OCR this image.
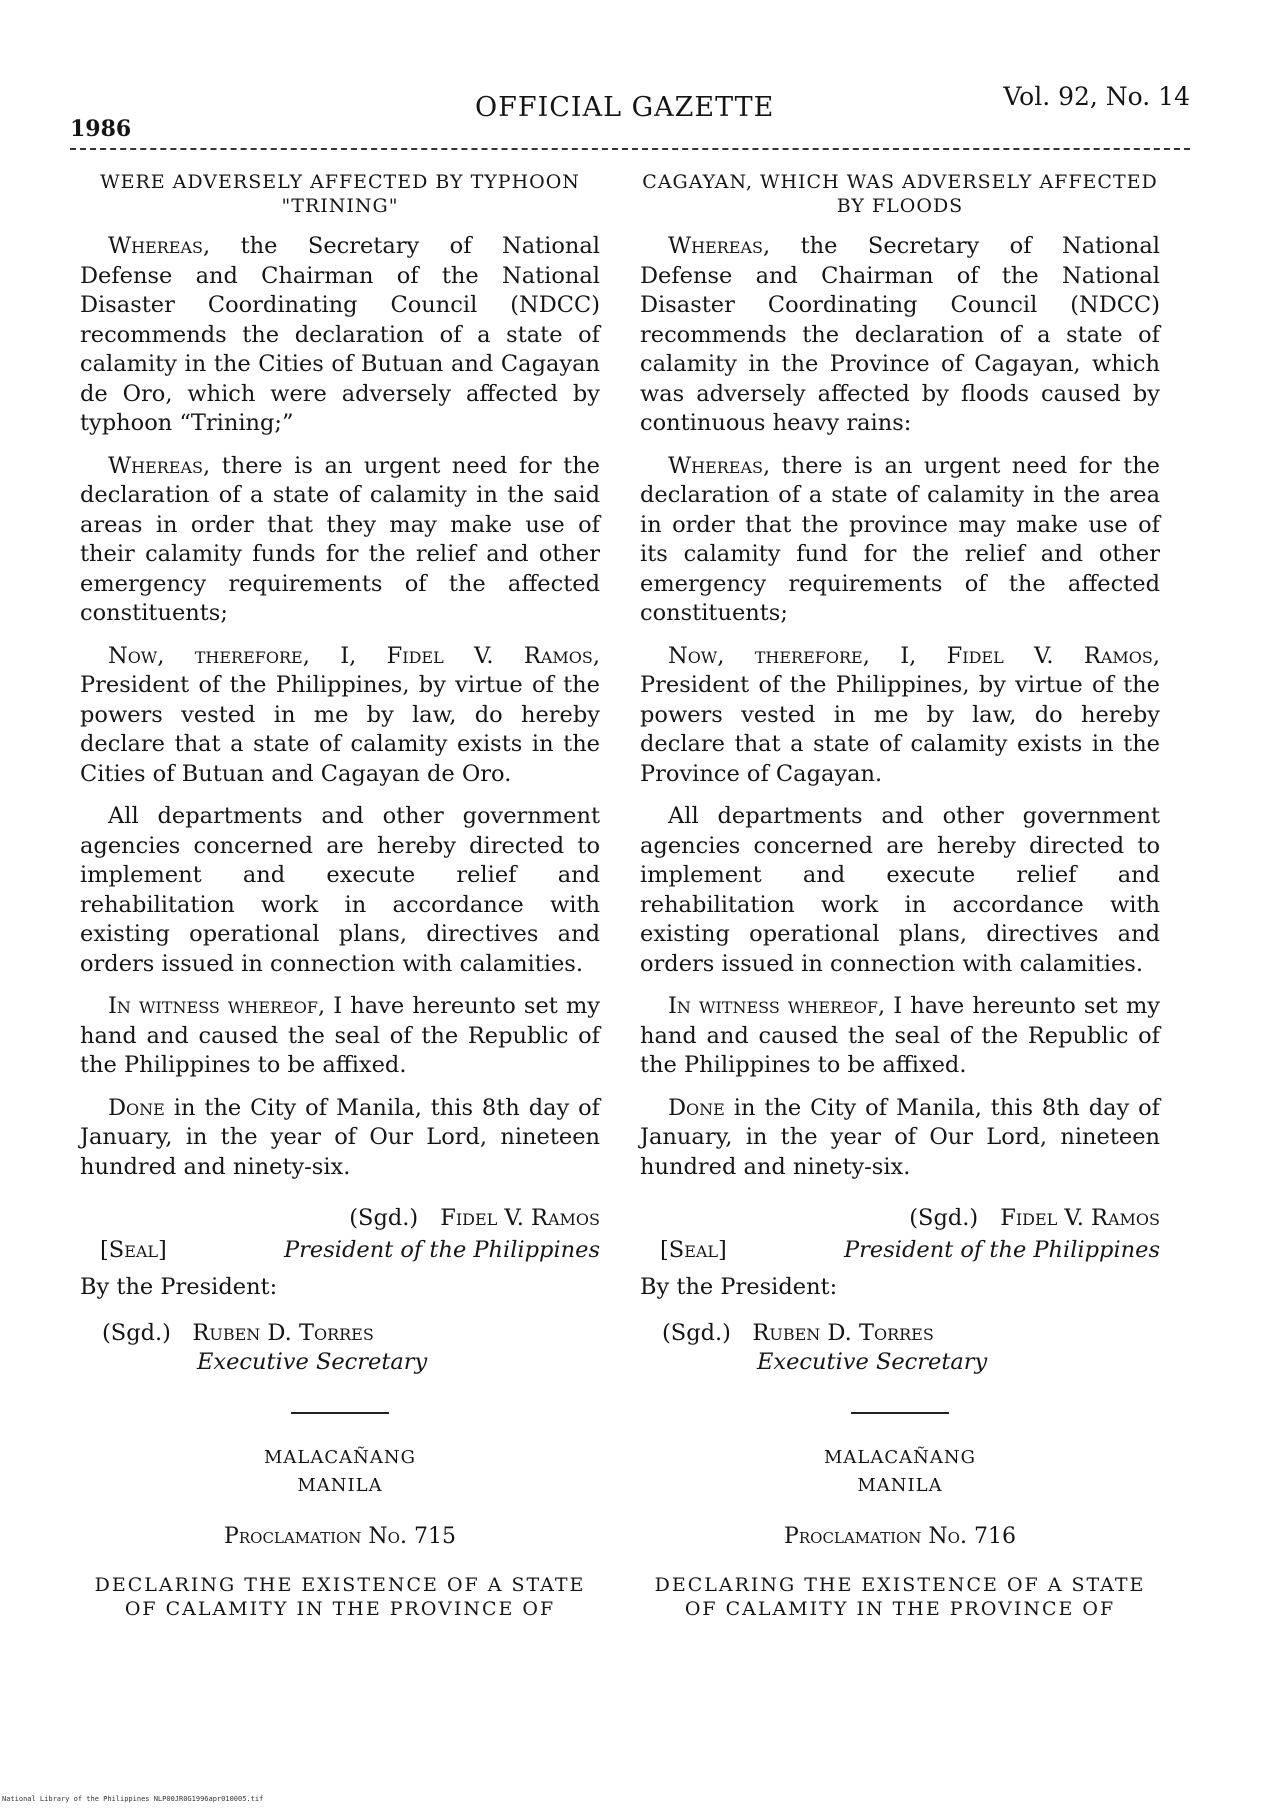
1986
OFFICIAL GAZETTE	Vol. 92, No. 14
WERE ADVERSELY AFFECTED BY TYPHOON "TRINING"

Whereas, the Secretary of National Defense and Chairman of the National Disaster Coordinating Council (NDCC) recommends the declaration of a state of calamity in the Cities of Butuan and Cagayan de Oro, which were adversely affected by typhoon “Trining;”

Whereas, there is an urgent need for the declaration of a state of calamity in the said areas in order that they may make use of their calamity funds for the relief and other emergency requirements of the affected constituents;

Now, therefore, I, Fidel V. Ramos, President of the Philippines, by virtue of the powers vested in me by law, do hereby declare that a state of calamity exists in the Cities of Butuan and Cagayan de Oro.

All departments and other government agencies concerned are hereby directed to implement and execute relief and rehabilitation work in accordance with existing operational plans, directives and orders issued in connection with calamities.

In witness whereof, I have hereunto set my hand and caused the seal of the Republic of the Philippines to be affixed.

Done in the City of Manila, this 8th day of January, in the year of Our Lord, nineteen hundred and ninety-six.

(Sgd.) Fidel V. Ramos
[Seal]	President of the Philippines
By the President:
(Sgd.) Ruben D. Torres
Executive Secretary
MALACAÑANG
MANILA
Proclamation No. 715
DECLARING THE EXISTENCE OF A STATE OF CALAMITY IN THE PROVINCE OF
CAGAYAN, WHICH WAS ADVERSELY AFFECTED BY FLOODS

Whereas, the Secretary of National Defense and Chairman of the National Disaster Coordinating Council (NDCC) recommends the declaration of a state of calamity in the Province of Cagayan, which was adversely affected by floods caused by continuous heavy rains:

Whereas, there is an urgent need for the declaration of a state of calamity in the area in order that the province may make use of its calamity fund for the relief and other emergency requirements of the affected constituents;

Now, therefore, I, Fidel V. Ramos, President of the Philippines, by virtue of the powers vested in me by law, do hereby declare that a state of calamity exists in the Province of Cagayan.

All departments and other government agencies concerned are hereby directed to implement and execute relief and rehabilitation work in accordance with existing operational plans, directives and orders issued in connection with calamities.

In witness whereof, I have hereunto set my hand and caused the seal of the Republic of the Philippines to be affixed.

Done in the City of Manila, this 8th day of January, in the year of Our Lord, nineteen hundred and ninety-six.

(Sgd.) Fidel V. Ramos
[Seal]	President of the Philippines
By the President:
(Sgd.) Ruben D. Torres
Executive Secretary
MALACAÑANG
MANILA
Proclamation No. 716
DECLARING THE EXISTENCE OF A STATE OF CALAMITY IN THE PROVINCE OF
National Library of the Philippines NLP00JR0G1996apr010005.tif
